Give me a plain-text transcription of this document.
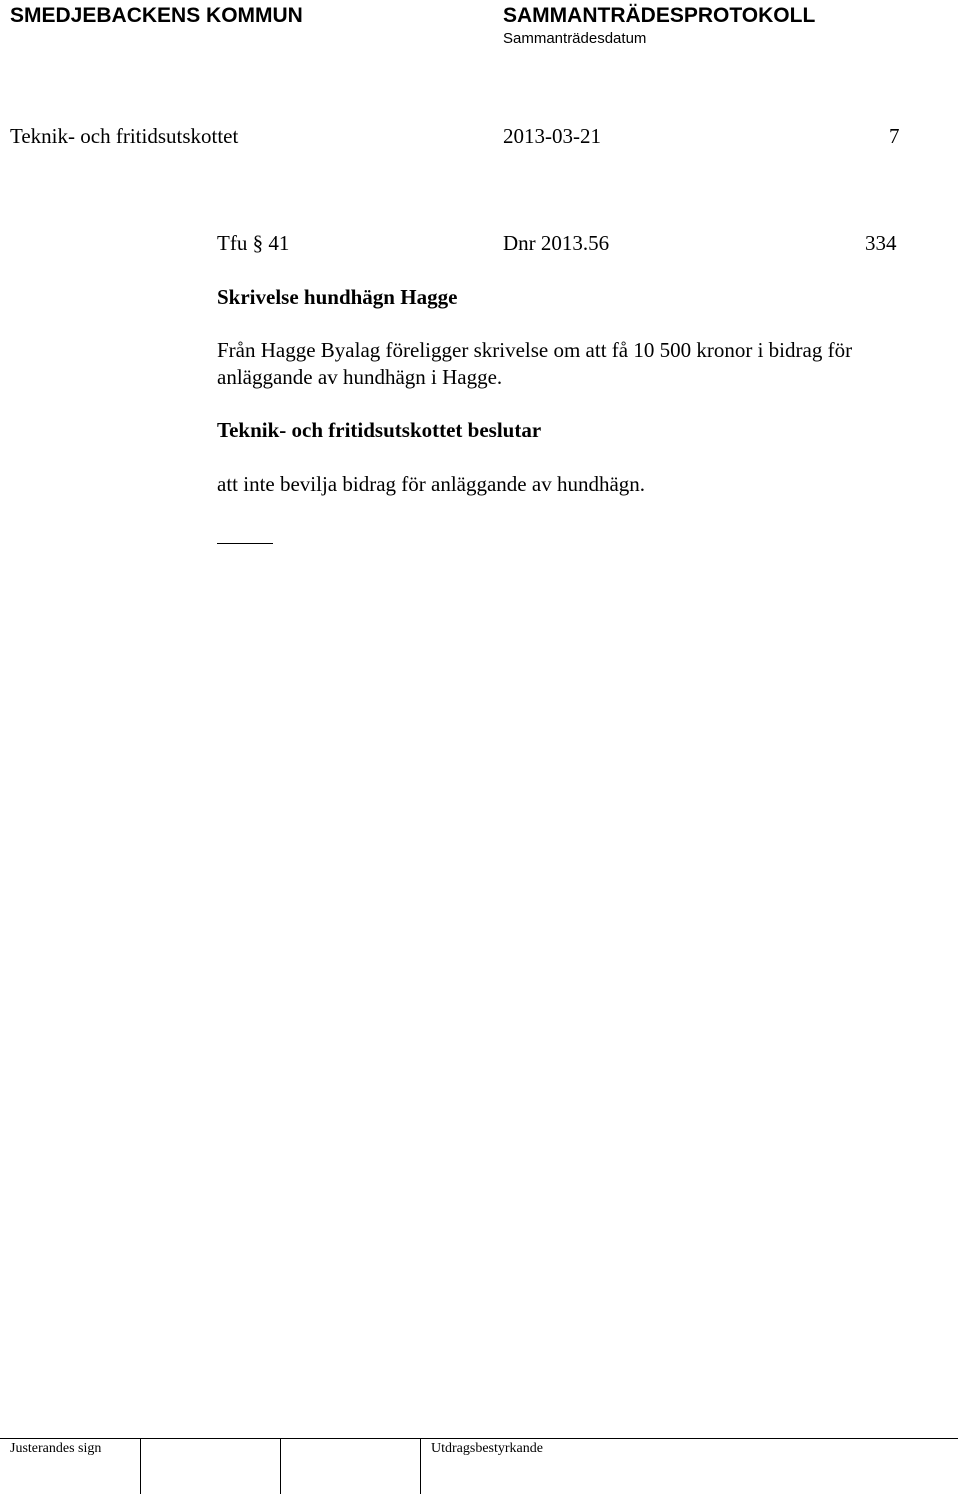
SMEDJEBACKENS KOMMUN	SAMMANTRÄDESPROTOKOLL
Sammanträdesdatum
Teknik- och fritidsutskottet	2013-03-21	7
Tfu § 41	Dnr 2013.56	334
Skrivelse hundhägn Hagge
Från Hagge Byalag föreligger skrivelse om att få 10 500 kronor i bidrag för
anläggande av hundhägn i Hagge.
Teknik- och fritidsutskottet beslutar
att inte bevilja bidrag för anläggande av hundhägn.
Justerandes sign	Utdragsbestyrkande
